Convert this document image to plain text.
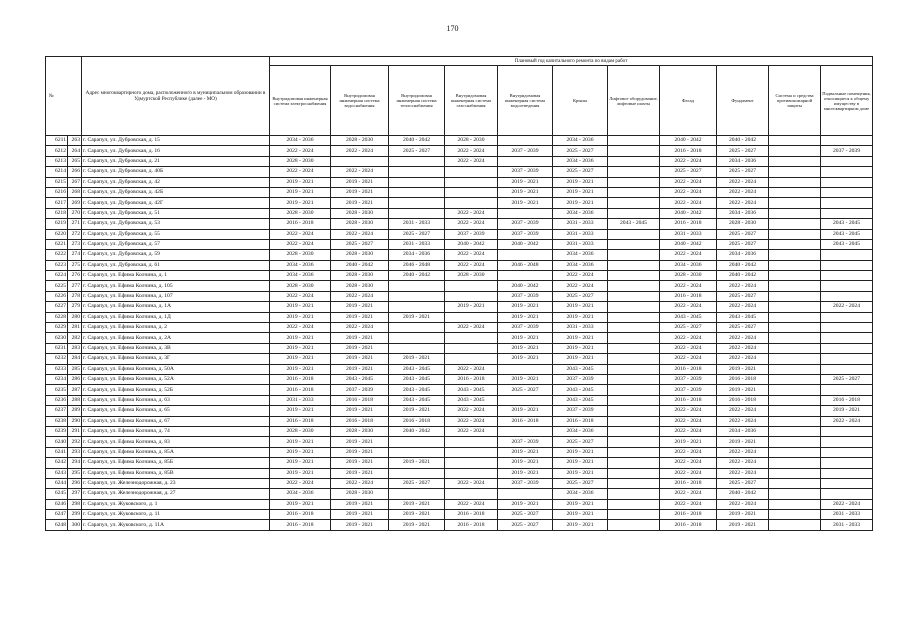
170
№		Адрес многоквартирного дома, расположенного в муниципальном образовании в Удмуртской Республике (далее - МО)	Плановый год капитального ремонта по видам работ										
			Внутридомовая инженерная система электроснабжения	Внутридомовая инженерная система водоснабжения	Внутридомовая инженерная система теплоснабжения	Внутридомовая инженерная система газоснабжения	Внутридомовая инженерная система водоотведения	Крыша	Лифтовое оборудование, лифтовые шахты	Фасад	Фундамент	Система и средства противопожарной защиты	Подвальные помещения, относящиеся к общему имуществу в многоквартирном доме
6211	263	г. Сарапул, ул. Дубровская, д. 15	2034 - 2036	2028 - 2030	2040 - 2042	2028 - 2030		2034 - 2036		2040 - 2042	2040 - 2042		
6212	264	г. Сарапул, ул. Дубровская, д. 16	2022 - 2024	2022 - 2024	2025 - 2027	2022 - 2024	2037 - 2039	2025 - 2027		2016 - 2018	2025 - 2027		2037 - 2039
6213	265	г. Сарапул, ул. Дубровская, д. 21	2028 - 2030			2022 - 2024		2034 - 2036		2022 - 2024	2034 - 2036		
6214	266	г. Сарапул, ул. Дубровская, д. 40Б	2022 - 2024	2022 - 2024			2037 - 2039	2025 - 2027		2025 - 2027	2025 - 2027		
6215	267	г. Сарапул, ул. Дубровская, д. 42	2019 - 2021	2019 - 2021			2019 - 2021	2019 - 2021		2022 - 2024	2022 - 2024		
6216	268	г. Сарапул, ул. Дубровская, д. 42Б	2019 - 2021	2019 - 2021			2019 - 2021	2019 - 2021		2022 - 2024	2022 - 2024		
6217	269	г. Сарапул, ул. Дубровская, д. 42Г	2019 - 2021	2019 - 2021			2019 - 2021	2019 - 2021		2022 - 2024	2022 - 2024		
6218	270	г. Сарапул, ул. Дубровская, д. 51	2028 - 2030	2028 - 2030		2022 - 2024		2034 - 2036		2040 - 2042	2034 - 2036		
6219	271	г. Сарапул, ул. Дубровская, д. 53	2016 - 2018	2028 - 2030	2031 - 2033	2022 - 2024	2037 - 2039	2031 - 2033	2043 - 2045	2016 - 2018	2028 - 2030		2043 - 2045
6220	272	г. Сарапул, ул. Дубровская, д. 55	2022 - 2024	2022 - 2024	2025 - 2027	2037 - 2039	2037 - 2039	2031 - 2033		2031 - 2033	2025 - 2027		2043 - 2045
6221	273	г. Сарапул, ул. Дубровская, д. 57	2022 - 2024	2025 - 2027	2031 - 2033	2040 - 2042	2040 - 2042	2031 - 2033		2040 - 2042	2025 - 2027		2043 - 2045
6222	274	г. Сарапул, ул. Дубровская, д. 59	2028 - 2030	2028 - 2030	2034 - 2036	2022 - 2024		2034 - 2036		2022 - 2024	2034 - 2036		
6223	275	г. Сарапул, ул. Дубровская, д. 61	2034 - 2036	2040 - 2042	2046 - 2048	2022 - 2024	2046 - 2048	2034 - 2036		2034 - 2036	2040 - 2042		
6224	276	г. Сарапул, ул. Ефима Колчина, д. 1	2034 - 2036	2028 - 2030	2040 - 2042	2028 - 2030		2022 - 2024		2028 - 2030	2040 - 2042		
6225	277	г. Сарапул, ул. Ефима Колчина, д. 105	2028 - 2030	2028 - 2030			2040 - 2042	2022 - 2024		2022 - 2024	2022 - 2024		
6226	278	г. Сарапул, ул. Ефима Колчина, д. 107	2022 - 2024	2022 - 2024			2037 - 2039	2025 - 2027		2016 - 2018	2025 - 2027		
6227	279	г. Сарапул, ул. Ефима Колчина, д. 1А	2019 - 2021	2019 - 2021		2019 - 2021	2019 - 2021	2019 - 2021		2022 - 2024	2022 - 2024		2022 - 2024
6228	280	г. Сарапул, ул. Ефима Колчина, д. 1Д	2019 - 2021	2019 - 2021	2019 - 2021		2019 - 2021	2019 - 2021		2043 - 2045	2043 - 2045		
6229	281	г. Сарапул, ул. Ефима Колчина, д. 2	2022 - 2024	2022 - 2024		2022 - 2024	2037 - 2039	2031 - 2033		2025 - 2027	2025 - 2027		
6230	282	г. Сарапул, ул. Ефима Колчина, д. 2А	2019 - 2021	2019 - 2021			2019 - 2021	2019 - 2021		2022 - 2024	2022 - 2024		
6231	283	г. Сарапул, ул. Ефима Колчина, д. 3В	2019 - 2021	2019 - 2021			2019 - 2021	2019 - 2021		2022 - 2024	2022 - 2024		
6232	284	г. Сарапул, ул. Ефима Колчина, д. 3Г	2019 - 2021	2019 - 2021	2019 - 2021		2019 - 2021	2019 - 2021		2022 - 2024	2022 - 2024		
6233	285	г. Сарапул, ул. Ефима Колчина, д. 50А	2019 - 2021	2019 - 2021	2043 - 2045	2022 - 2024		2043 - 2045		2016 - 2018	2019 - 2021		
6234	286	г. Сарапул, ул. Ефима Колчина, д. 52А	2016 - 2018	2043 - 2045	2043 - 2045	2016 - 2018	2019 - 2021	2037 - 2039		2037 - 2039	2016 - 2018		2025 - 2027
6235	287	г. Сарапул, ул. Ефима Колчина, д. 52Б	2016 - 2018	2037 - 2039	2043 - 2045	2043 - 2045	2025 - 2027	2043 - 2045		2037 - 2039	2019 - 2021		
6236	288	г. Сарапул, ул. Ефима Колчина, д. 63	2031 - 2033	2016 - 2018	2043 - 2045	2043 - 2045		2043 - 2045		2016 - 2018	2016 - 2018		2016 - 2018
6237	289	г. Сарапул, ул. Ефима Колчина, д. 65	2019 - 2021	2019 - 2021	2019 - 2021	2022 - 2024	2019 - 2021	2037 - 2039		2022 - 2024	2022 - 2024		2019 - 2021
6238	290	г. Сарапул, ул. Ефима Колчина, д. 67	2016 - 2018	2016 - 2018	2016 - 2018	2022 - 2024	2016 - 2018	2016 - 2018		2022 - 2024	2022 - 2024		2022 - 2024
6239	291	г. Сарапул, ул. Ефима Колчина, д. 74	2028 - 2030	2028 - 2030	2040 - 2042	2022 - 2024		2034 - 2036		2022 - 2024	2034 - 2036		
6240	292	г. Сарапул, ул. Ефима Колчина, д. 83	2019 - 2021	2019 - 2021			2037 - 2039	2025 - 2027		2019 - 2021	2019 - 2021		
6241	293	г. Сарапул, ул. Ефима Колчина, д. 85А	2019 - 2021	2019 - 2021			2019 - 2021	2019 - 2021		2022 - 2024	2022 - 2024		
6242	294	г. Сарапул, ул. Ефима Колчина, д. 85Б	2019 - 2021	2019 - 2021	2019 - 2021		2019 - 2021	2019 - 2021		2022 - 2024	2022 - 2024		
6243	295	г. Сарапул, ул. Ефима Колчина, д. 85В	2019 - 2021	2019 - 2021			2019 - 2021	2019 - 2021		2022 - 2024	2022 - 2024		
6244	296	г. Сарапул, ул. Железнодорожная, д. 23	2022 - 2024	2022 - 2024	2025 - 2027	2022 - 2024	2037 - 2039	2025 - 2027		2016 - 2018	2025 - 2027		
6245	297	г. Сарапул, ул. Железнодорожная, д. 27	2034 - 2036	2028 - 2030				2034 - 2036		2022 - 2024	2040 - 2042		
6246	298	г. Сарапул, ул. Жуковского, д. 1	2019 - 2021	2019 - 2021	2019 - 2021	2022 - 2024	2019 - 2021	2019 - 2021		2022 - 2024	2022 - 2024		2022 - 2024
6247	299	г. Сарапул, ул. Жуковского, д. 11	2016 - 2018	2019 - 2021	2019 - 2021	2016 - 2018	2025 - 2027	2019 - 2021		2016 - 2018	2019 - 2021		2031 - 2033
6248	300	г. Сарапул, ул. Жуковского, д. 11А	2016 - 2018	2019 - 2021	2019 - 2021	2016 - 2018	2025 - 2027	2019 - 2021		2016 - 2018	2019 - 2021		2031 - 2033
